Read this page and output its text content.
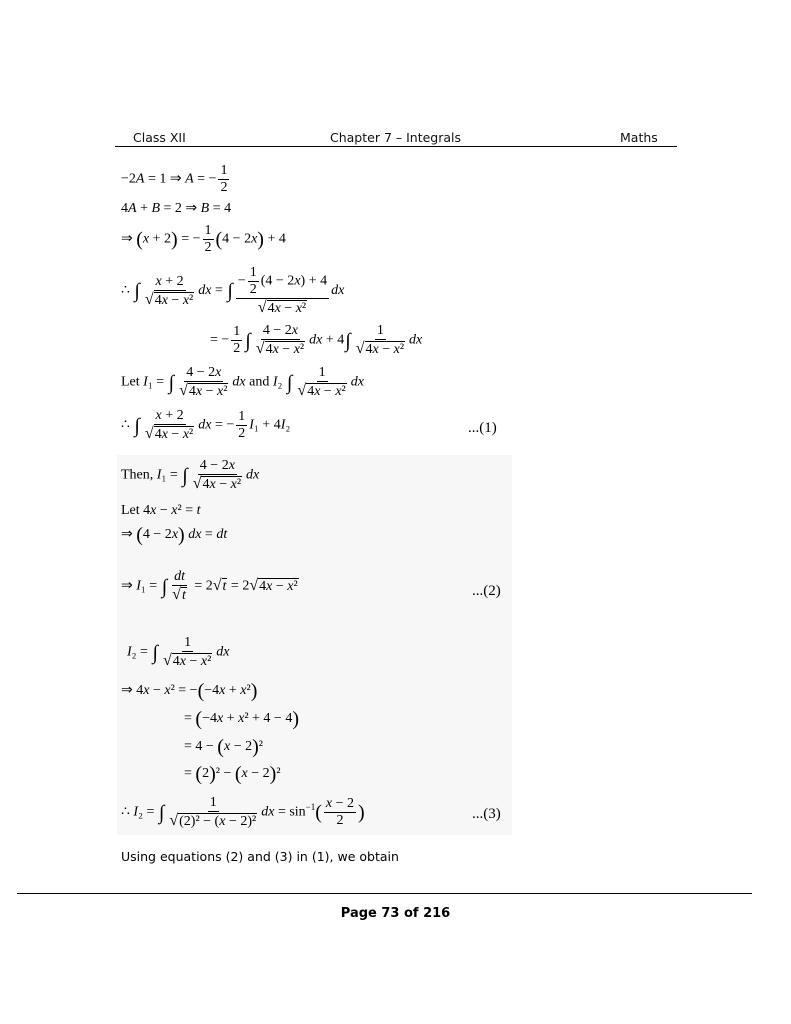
Class XII	Chapter 7 – Integrals	Maths
−2A = 1 ⇒ A = − $\frac{1}{2}$
4A + B = 2 ⇒ B = 4
⇒ (x + 2) = − $\frac{1}{2} (4 - 2x) + 4$
∴ ∫ $\frac{x + 2}{\text{√4x − x²}}$ dx = ∫ $\frac{- \frac{1}{2} (4 - 2x) + 4}{\text{√4x − x²}}$ dx
= − $\frac{1}{2}$ ∫ $\frac{4 - 2x}{\text{√4x − x²}}$ dx + $4\int \frac{1}{\text{√4x − x²}}$ dx
Let I₁ = ∫ $\frac{4 - 2x}{\text{√4x − x²}}$ dx and I₂ ∫ $\frac{1}{\text{√4x − x²}}$ dx
∴ ∫ $\frac{x + 2}{\text{√4x − x²}}$ dx = − $\frac{1}{2} I_1 + 4I_2$	...(1)
Then, I₁ = ∫ $\frac{4 - 2x}{\text{√4x − x²}}$ dx
Let 4x − x² = t
⇒ (4 − 2x) dx = dt
⇒ I₁ = ∫ $\frac{dt}{√t} = 2√t = 2√4x - x^2$	...(2)
I₂ = ∫ $\frac{1}{\text{√4x − x²}}$ dx
⇒ 4x − x² = −(−4x + x²)
= (−4x + x² + 4 − 4)
= 4 − (x − 2)²
= (2)² − (x − 2)²
∴ I₂ = ∫ $\frac{1}{\text{√(2)² − (x − 2)²}}$ dx = $\sin^{-1}( \frac{x - 2}{2}$ )	...(3)
Using equations (2) and (3) in (1), we obtain
Page 73 of 216
